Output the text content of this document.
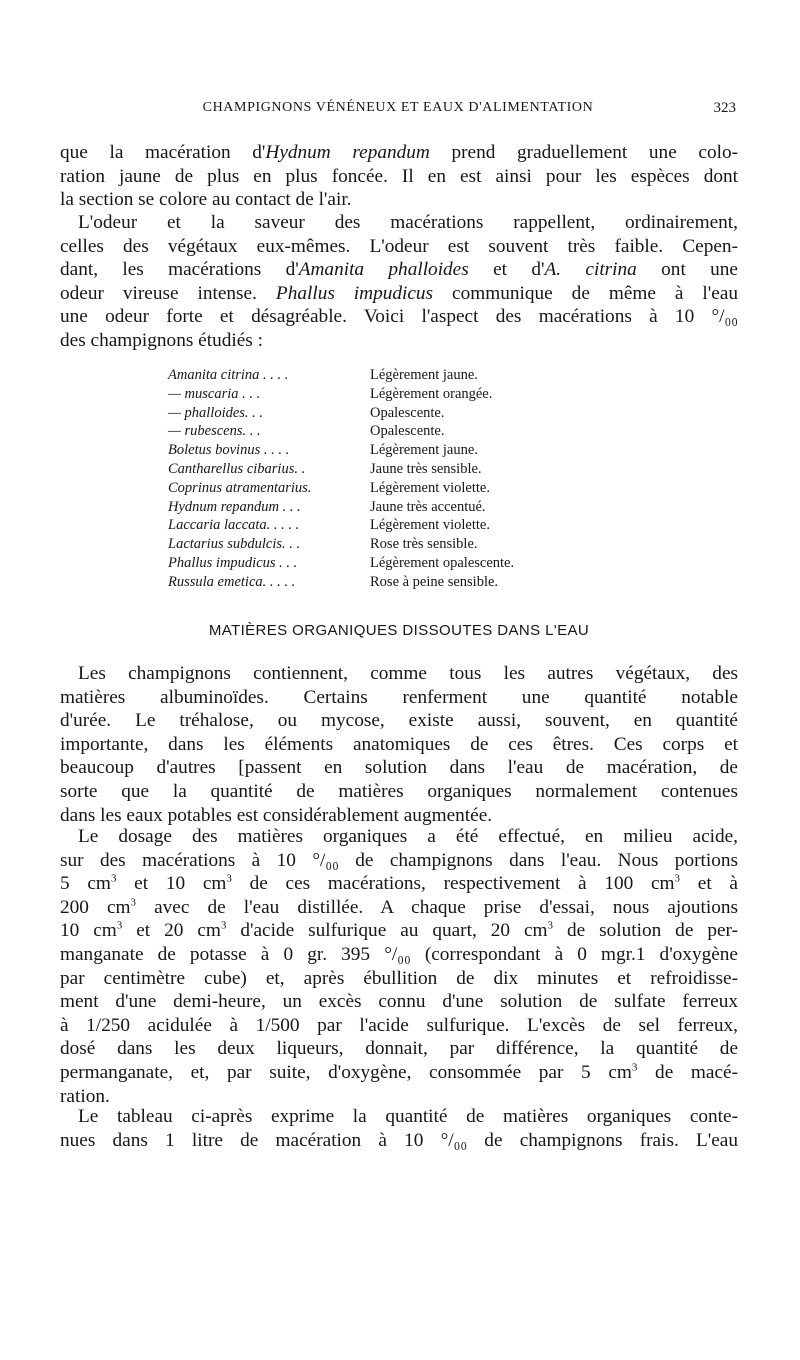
CHAMPIGNONS VÉNÉNEUX ET EAUX D'ALIMENTATION	323
que la macération d'Hydnum repandum prend graduellement une colo-
ration jaune de plus en plus foncée. Il en est ainsi pour les espèces dont
la section se colore au contact de l'air.
L'odeur et la saveur des macérations rappellent, ordinairement,
celles des végétaux eux-mêmes. L'odeur est souvent très faible. Cepen-
dant, les macérations d'Amanita phalloides et d'A. citrina ont une
odeur vireuse intense. Phallus impudicus communique de même à l'eau
une odeur forte et désagréable. Voici l'aspect des macérations à 10 °/₀₀
des champignons étudiés :
Amanita citrina . . . .	Légèrement jaune.
— muscaria . . .	Légèrement orangée.
— phalloides. . .	Opalescente.
— rubescens. . .	Opalescente.
Boletus bovinus . . . .	Légèrement jaune.
Cantharellus cibarius. .	Jaune très sensible.
Coprinus atramentarius.	Légèrement violette.
Hydnum repandum . . .	Jaune très accentué.
Laccaria laccata. . . . .	Légèrement violette.
Lactarius subdulcis. . .	Rose très sensible.
Phallus impudicus . . .	Légèrement opalescente.
Russula emetica. . . . .	Rose à peine sensible.
MATIÈRES ORGANIQUES DISSOUTES DANS L'EAU
Les champignons contiennent, comme tous les autres végétaux, des
matières albuminoïdes. Certains renferment une quantité notable
d'urée. Le tréhalose, ou mycose, existe aussi, souvent, en quantité
importante, dans les éléments anatomiques de ces êtres. Ces corps et
beaucoup d'autres [passent en solution dans l'eau de macération, de
sorte que la quantité de matières organiques normalement contenues
dans les eaux potables est considérablement augmentée.
Le dosage des matières organiques a été effectué, en milieu acide,
sur des macérations à 10 °/₀₀ de champignons dans l'eau. Nous portions
5 $cm^3$ et 10 $cm^3$ de ces macérations, respectivement à 100 $cm^3$ et à
200 $cm^3$ avec de l'eau distillée. A chaque prise d'essai, nous ajoutions
10 $cm^3$ et 20 $cm^3$ d'acide sulfurique au quart, 20 $cm^3$ de solution de per-
manganate de potasse à 0 gr. 395 °/₀₀ (correspondant à 0 mgr.1 d'oxygène
par centimètre cube) et, après ébullition de dix minutes et refroidisse-
ment d'une demi-heure, un excès connu d'une solution de sulfate ferreux
à 1/250 acidulée à 1/500 par l'acide sulfurique. L'excès de sel ferreux,
dosé dans les deux liqueurs, donnait, par différence, la quantité de
permanganate, et, par suite, d'oxygène, consommée par 5 $cm^3$ de macé-
ration.
Le tableau ci-après exprime la quantité de matières organiques conte-
nues dans 1 litre de macération à 10 °/₀₀ de champignons frais. L'eau
